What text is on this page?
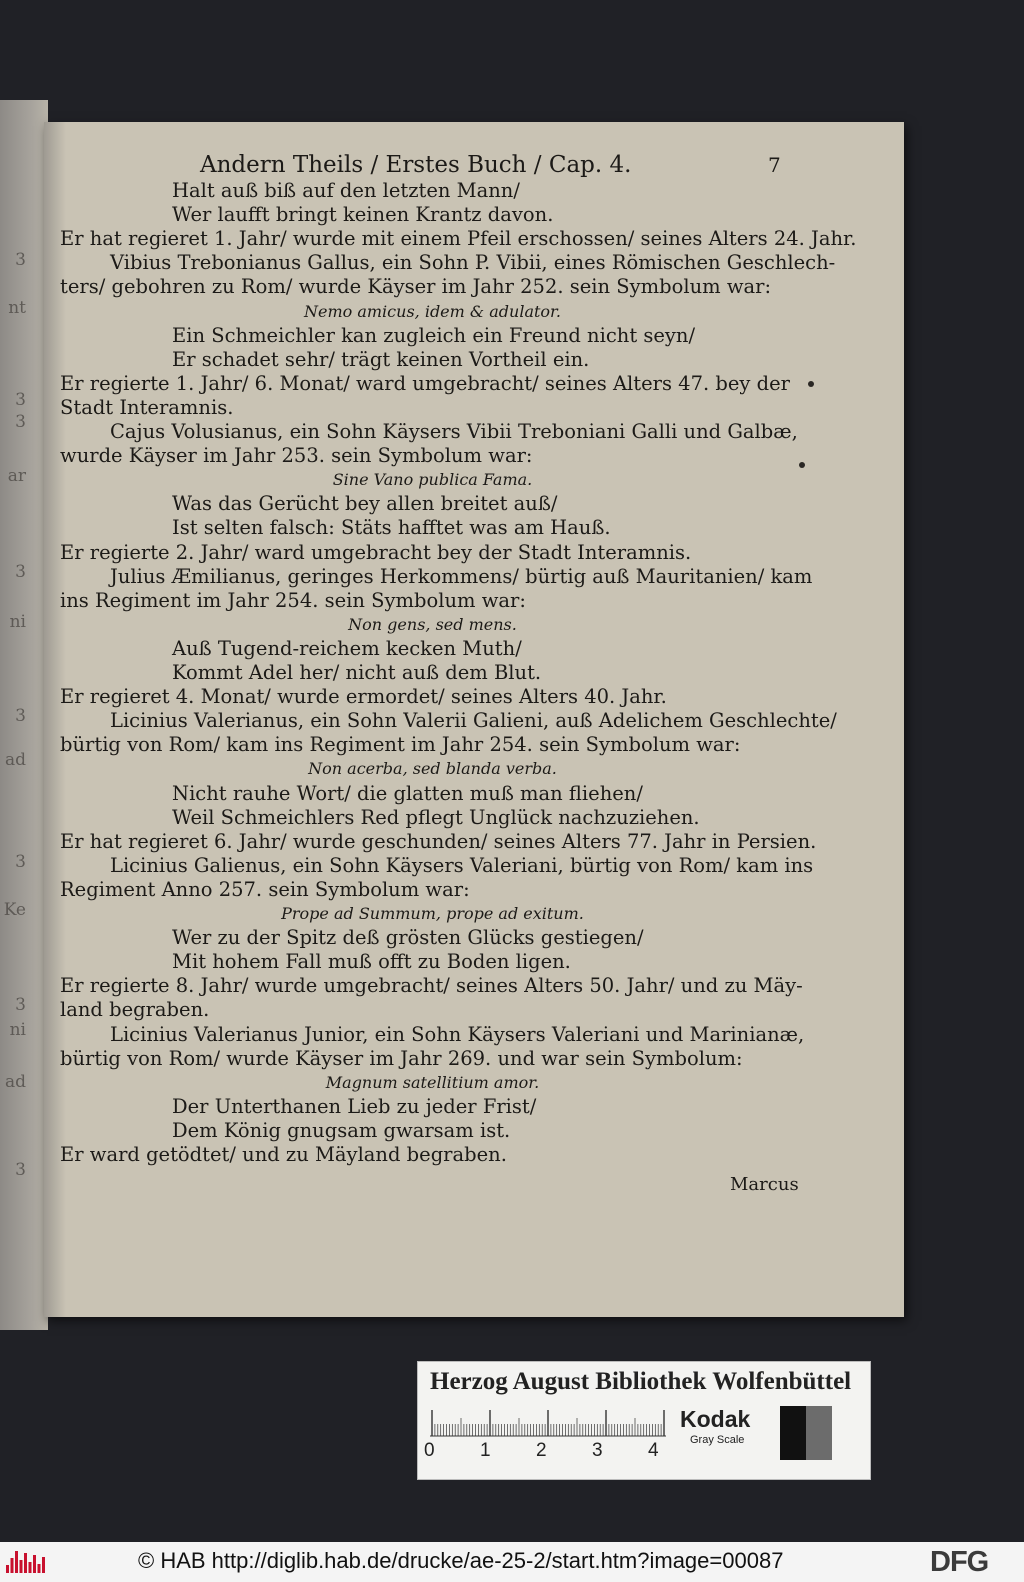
3
nt
3
3
ar
3
ni
3
ad
3
Ke
3
ni
ad
3
Andern Theils / Erstes Buch / Cap. 4.	7
Halt auß biß auf den letzten Mann/
Wer laufft bringt keinen Krantz davon.
Er hat regieret 1. Jahr/ wurde mit einem Pfeil erschossen/ seines Alters 24. Jahr.
Vibius Trebonianus Gallus, ein Sohn P. Vibii, eines Römischen Geschlech-
ters/ gebohren zu Rom/ wurde Käyser im Jahr 252. sein Symbolum war:
Nemo amicus, idem & adulator.
Ein Schmeichler kan zugleich ein Freund nicht seyn/
Er schadet sehr/ trägt keinen Vortheil ein.
Er regierte 1. Jahr/ 6. Monat/ ward umgebracht/ seines Alters 47. bey der
Stadt Interamnis.
Cajus Volusianus, ein Sohn Käysers Vibii Treboniani Galli und Galbæ,
wurde Käyser im Jahr 253. sein Symbolum war:
Sine Vano publica Fama.
Was das Gerücht bey allen breitet auß/
Ist selten falsch: Stäts hafftet was am Hauß.
Er regierte 2. Jahr/ ward umgebracht bey der Stadt Interamnis.
Julius Æmilianus, geringes Herkommens/ bürtig auß Mauritanien/ kam
ins Regiment im Jahr 254. sein Symbolum war:
Non gens, sed mens.
Auß Tugend-reichem kecken Muth/
Kommt Adel her/ nicht auß dem Blut.
Er regieret 4. Monat/ wurde ermordet/ seines Alters 40. Jahr.
Licinius Valerianus, ein Sohn Valerii Galieni, auß Adelichem Geschlechte/
bürtig von Rom/ kam ins Regiment im Jahr 254. sein Symbolum war:
Non acerba, sed blanda verba.
Nicht rauhe Wort/ die glatten muß man fliehen/
Weil Schmeichlers Red pflegt Unglück nachzuziehen.
Er hat regieret 6. Jahr/ wurde geschunden/ seines Alters 77. Jahr in Persien.
Licinius Galienus, ein Sohn Käysers Valeriani, bürtig von Rom/ kam ins
Regiment Anno 257. sein Symbolum war:
Prope ad Summum, prope ad exitum.
Wer zu der Spitz deß grösten Glücks gestiegen/
Mit hohem Fall muß offt zu Boden ligen.
Er regierte 8. Jahr/ wurde umgebracht/ seines Alters 50. Jahr/ und zu Mäy-
land begraben.
Licinius Valerianus Junior, ein Sohn Käysers Valeriani und Marinianæ,
bürtig von Rom/ wurde Käyser im Jahr 269. und war sein Symbolum:
Magnum satellitium amor.
Der Unterthanen Lieb zu jeder Frist/
Dem König gnugsam gwarsam ist.
Er ward getödtet/ und zu Mäyland begraben.
Marcus
Herzog August Bibliothek Wolfenbüttel
0 1 2 3 4
Kodak
Gray Scale
© HAB http://diglib.hab.de/drucke/ae-25-2/start.htm?image=00087	DFG
